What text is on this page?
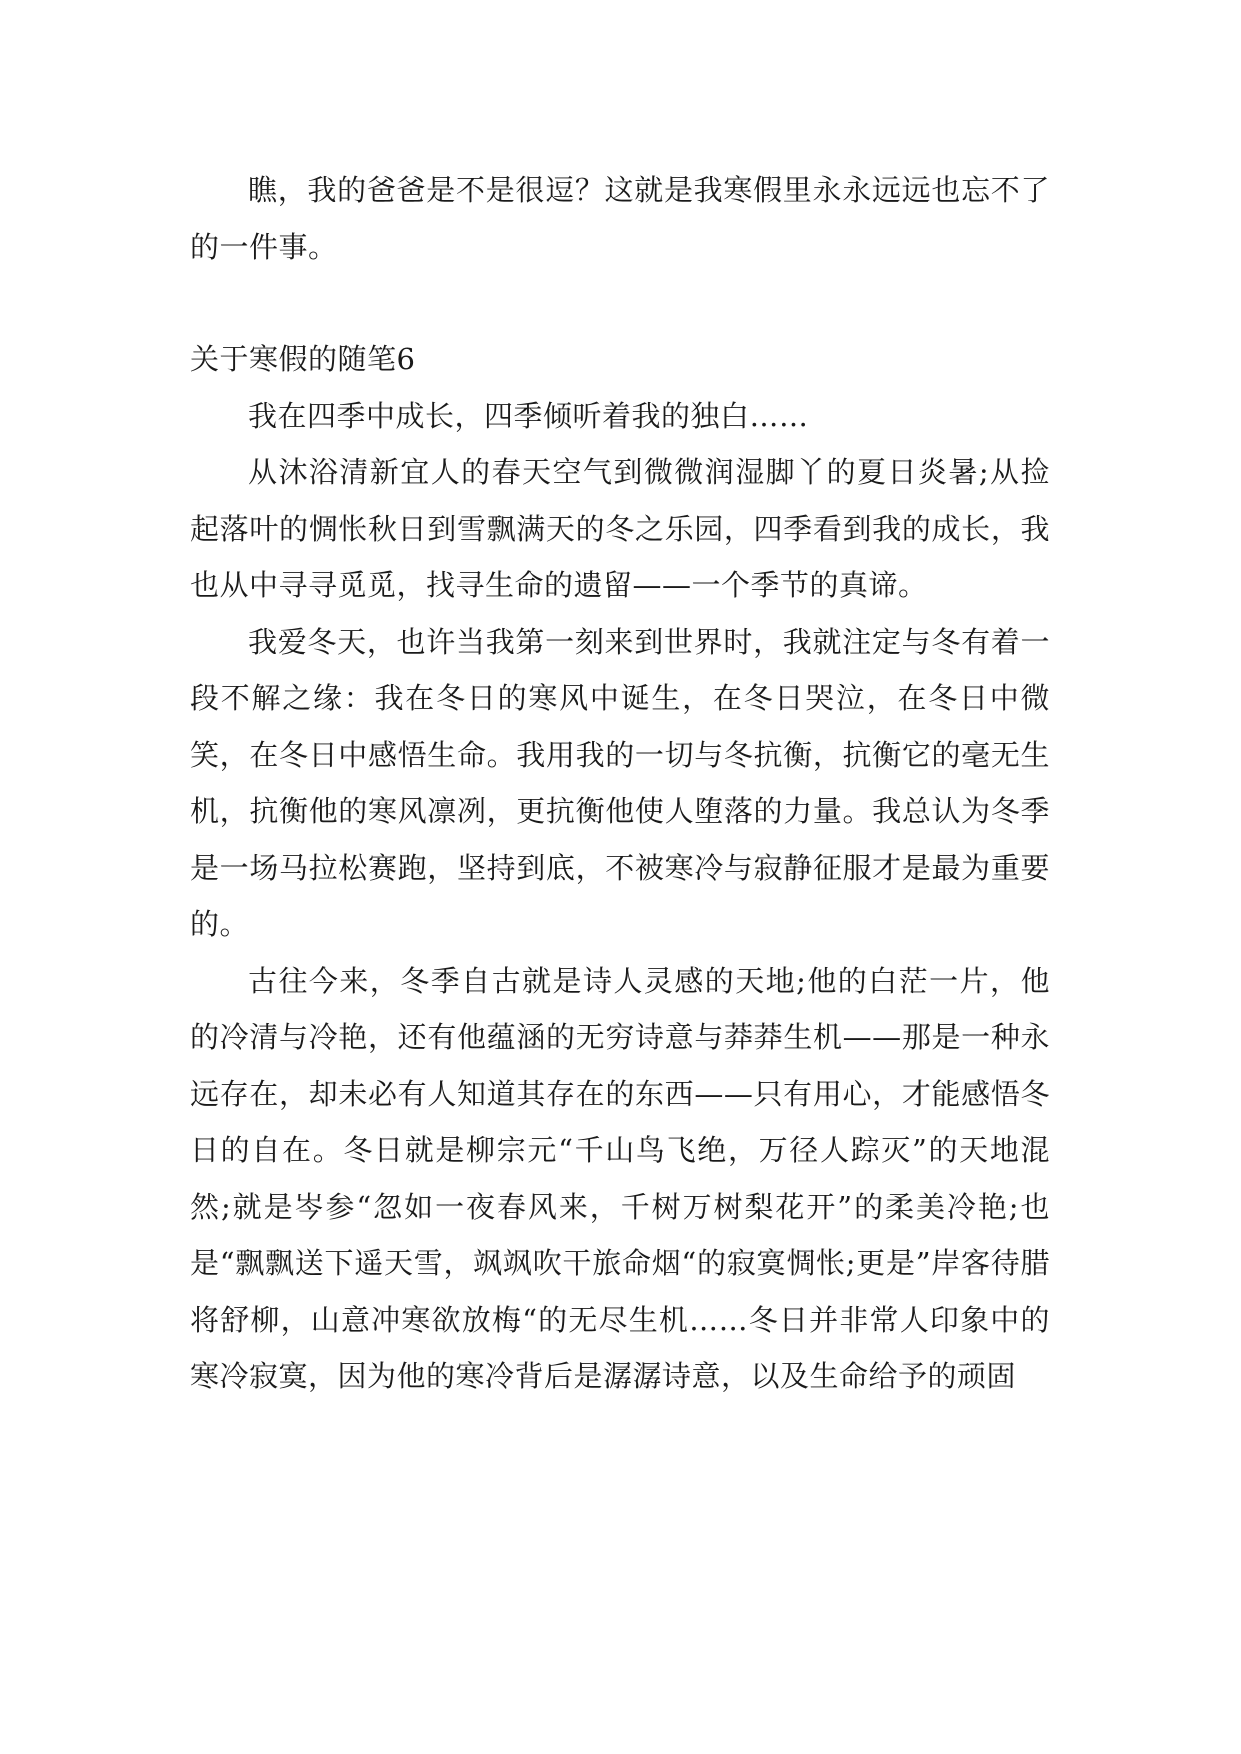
瞧，我的爸爸是不是很逗？这就是我寒假里永永远远也忘不了的一件事。

关于寒假的随笔6

我在四季中成长，四季倾听着我的独白……

从沐浴清新宜人的春天空气到微微润湿脚丫的夏日炎暑;从捡起落叶的惆怅秋日到雪飘满天的冬之乐园，四季看到我的成长，我也从中寻寻觅觅，找寻生命的遗留——一个季节的真谛。

我爱冬天，也许当我第一刻来到世界时，我就注定与冬有着一段不解之缘：我在冬日的寒风中诞生，在冬日哭泣，在冬日中微笑，在冬日中感悟生命。我用我的一切与冬抗衡，抗衡它的毫无生机，抗衡他的寒风凛冽，更抗衡他使人堕落的力量。我总认为冬季是一场马拉松赛跑，坚持到底，不被寒冷与寂静征服才是最为重要的。

古往今来，冬季自古就是诗人灵感的天地;他的白茫一片，他的冷清与冷艳，还有他蕴涵的无穷诗意与莽莽生机——那是一种永远存在，却未必有人知道其存在的东西——只有用心，才能感悟冬日的自在。冬日就是柳宗元“千山鸟飞绝，万径人踪灭”的天地混然;就是岑参“忽如一夜春风来，千树万树梨花开”的柔美冷艳;也是“飘飘送下遥天雪，飒飒吹干旅命烟“的寂寞惆怅;更是”岸客待腊将舒柳，山意冲寒欲放梅“的无尽生机……冬日并非常人印象中的寒冷寂寞，因为他的寒冷背后是潺潺诗意，以及生命给予的顽固
